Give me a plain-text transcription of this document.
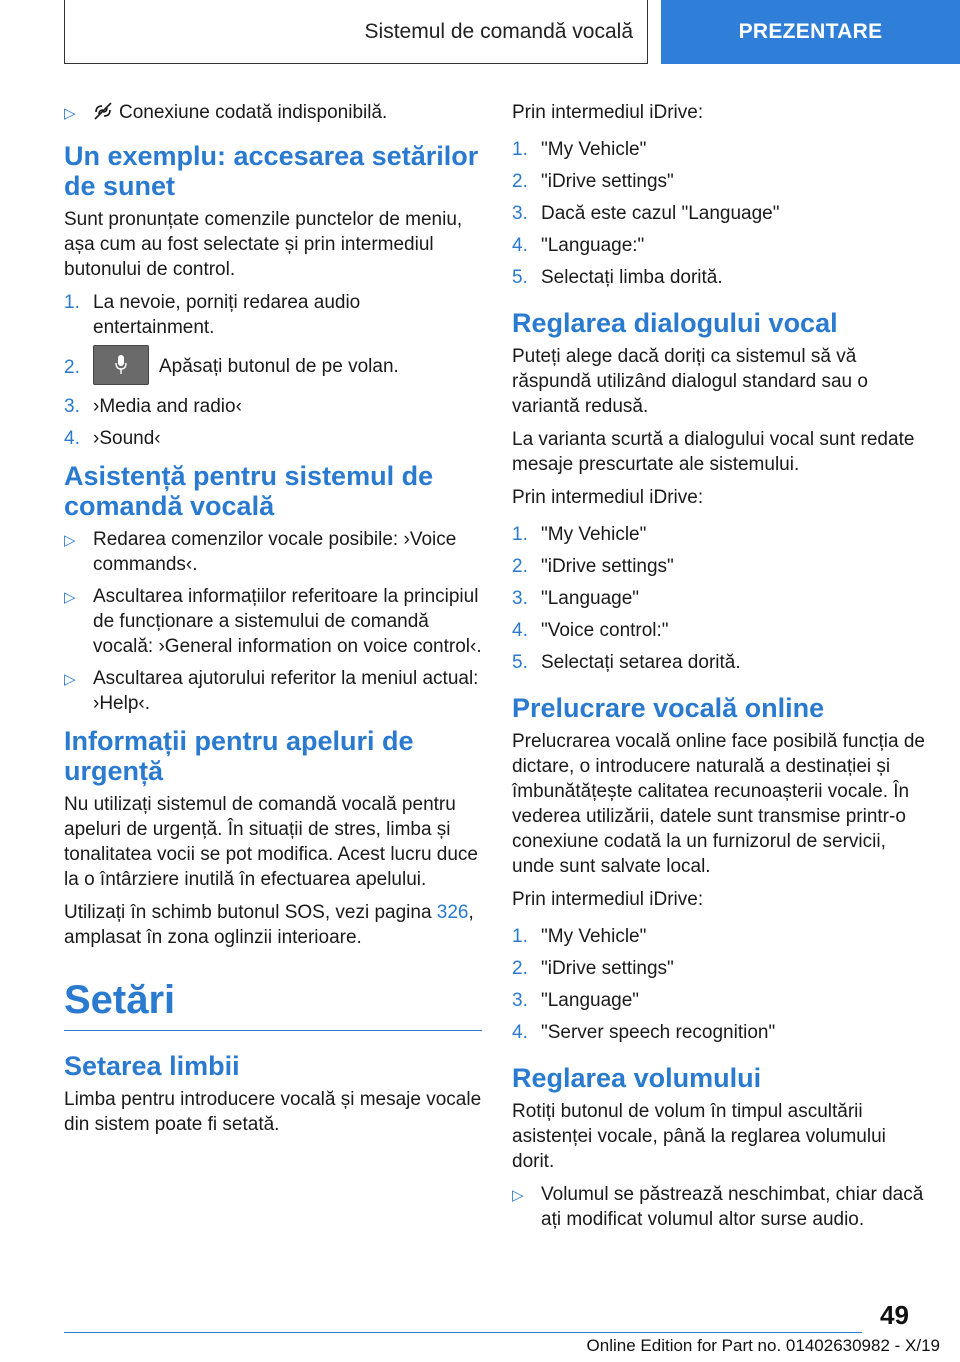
Sistemul de comandă vocală	PREZENTARE
▷ Conexiune codată indisponibilă.
Un exemplu: accesarea setărilor de sunet

Sunt pronunțate comenzile punctelor de meniu, așa cum au fost selectate și prin intermediul butonului de control.

1. La nevoie, porniți redarea audio entertainment.
2.	Apăsați butonul de pe volan.
3. ›Media and radio‹
4. ›Sound‹
Asistență pentru sistemul de comandă vocală
▷ Redarea comenzilor vocale posibile: ›Voice commands‹.
▷ Ascultarea informațiilor referitoare la principiul de funcționare a sistemului de comandă vocală: ›General information on voice control‹.
▷ Ascultarea ajutorului referitor la meniul actual: ›Help‹.
Informații pentru apeluri de urgență

Nu utilizați sistemul de comandă vocală pentru apeluri de urgență. În situații de stres, limba și tonalitatea vocii se pot modifica. Acest lucru duce la o întârziere inutilă în efectuarea apelului.

Utilizați în schimb butonul SOS, vezi pagina 326, amplasat în zona oglinzii interioare.

Setări
Setarea limbii

Limba pentru introducere vocală și mesaje vocale din sistem poate fi setată.

Prin intermediul iDrive:

1. "My Vehicle"
2. "iDrive settings"
3. Dacă este cazul "Language"
4. "Language:"
5. Selectați limba dorită.
Reglarea dialogului vocal

Puteți alege dacă doriți ca sistemul să vă răspundă utilizând dialogul standard sau o variantă redusă.

La varianta scurtă a dialogului vocal sunt redate mesaje prescurtate ale sistemului.

Prin intermediul iDrive:

1. "My Vehicle"
2. "iDrive settings"
3. "Language"
4. "Voice control:"
5. Selectați setarea dorită.
Prelucrare vocală online

Prelucrarea vocală online face posibilă funcția de dictare, o introducere naturală a destinației și îmbunătățește calitatea recunoașterii vocale. În vederea utilizării, datele sunt transmise printr-o conexiune codată la un furnizorul de servicii, unde sunt salvate local.

Prin intermediul iDrive:

1. "My Vehicle"
2. "iDrive settings"
3. "Language"
4. "Server speech recognition"
Reglarea volumului

Rotiți butonul de volum în timpul ascultării asistenței vocale, până la reglarea volumului dorit.

▷ Volumul se păstrează neschimbat, chiar dacă ați modificat volumul altor surse audio.
49
Online Edition for Part no. 01402630982 - X/19
